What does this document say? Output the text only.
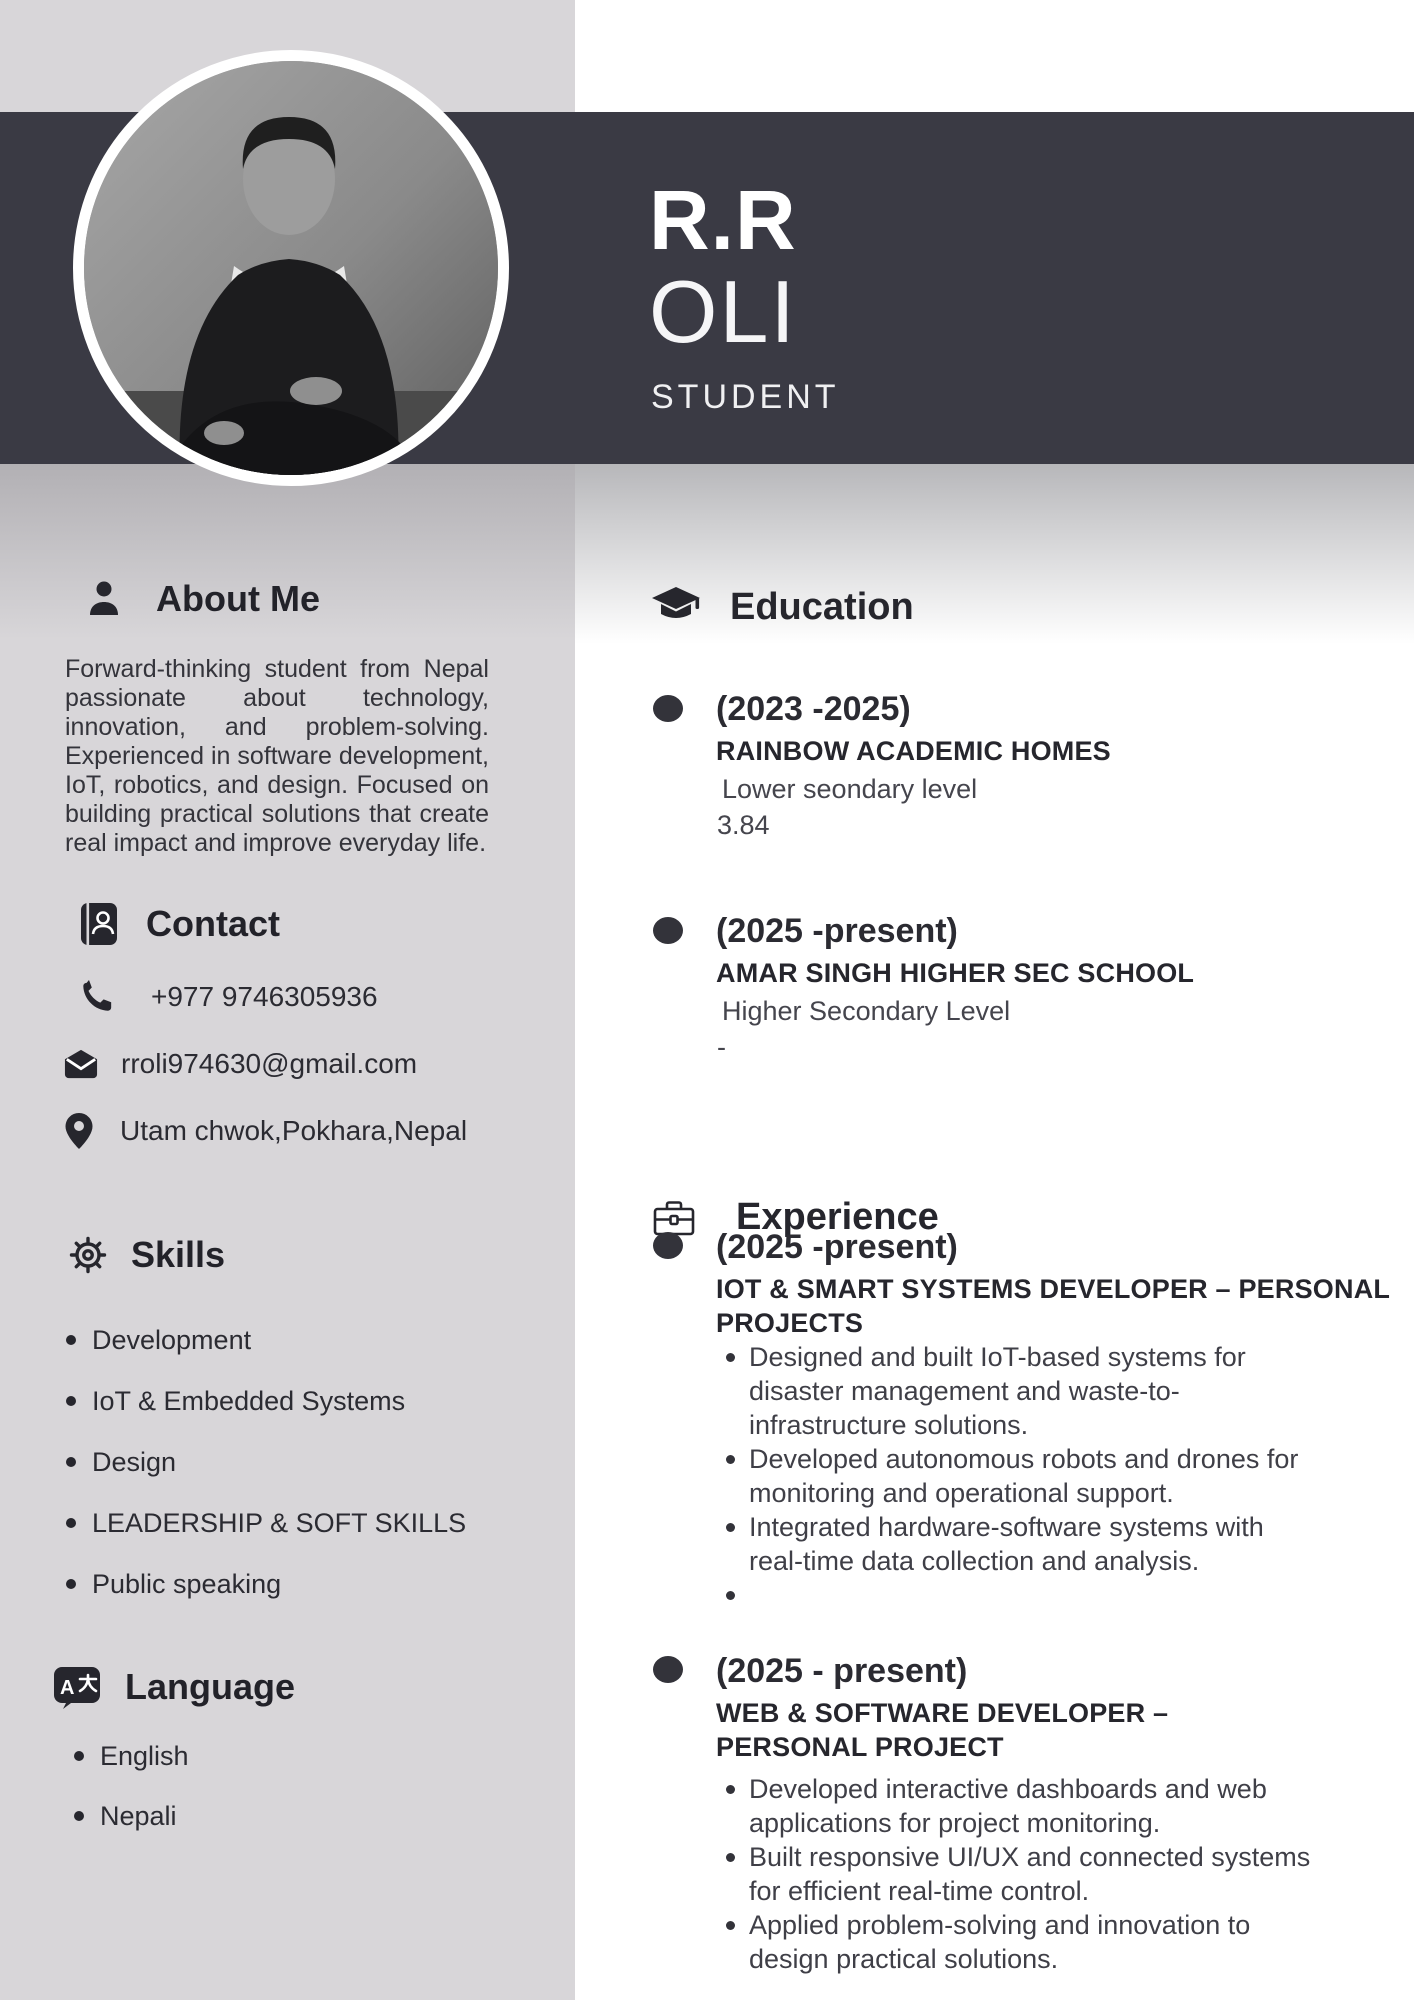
R.R
OLI
STUDENT
About Me
Forward-thinking student from Nepal passionate about technology, innovation, and problem-solving. Experienced in software development, IoT, robotics, and design. Focused on building practical solutions that create real impact and improve everyday life.
Contact
+977 9746305936
rroli974630@gmail.com
Utam chwok,Pokhara,Nepal
Skills
Development
IoT & Embedded Systems
Design
LEADERSHIP & SOFT SKILLS
Public speaking
A Language
English
Nepali
Education
(2023 -2025)
RAINBOW ACADEMIC HOMES
Lower seondary level
3.84
(2025 -present)
AMAR SINGH HIGHER SEC SCHOOL
Higher Secondary Level
-
Experience
(2025 -present)
IOT & SMART SYSTEMS DEVELOPER – PERSONAL PROJECTS
Designed and built IoT-based systems for disaster management and waste-to-infrastructure solutions.
Developed autonomous robots and drones for monitoring and operational support.
Integrated hardware-software systems with real-time data collection and analysis.
(2025 - present)
WEB & SOFTWARE DEVELOPER – PERSONAL PROJECT
Developed interactive dashboards and web applications for project monitoring.
Built responsive UI/UX and connected systems for efficient real-time control.
Applied problem-solving and innovation to design practical solutions.
